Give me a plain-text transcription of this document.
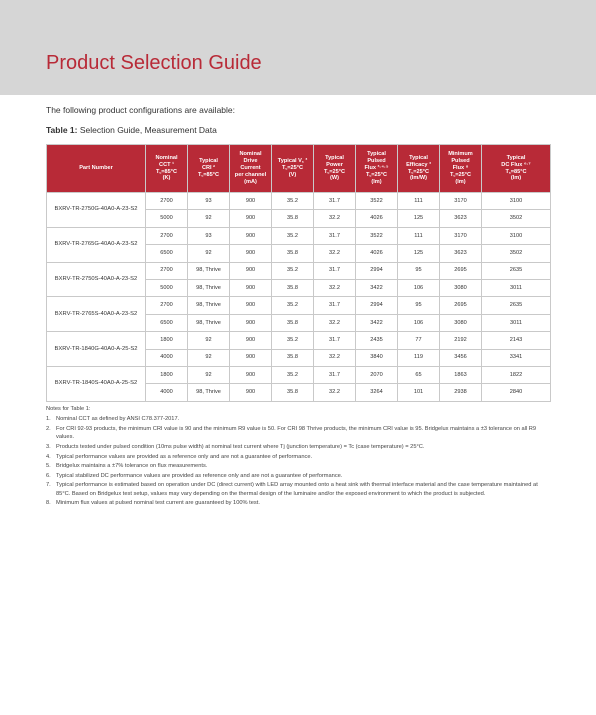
Product Selection Guide
The following product configurations are available:
Table 1: Selection Guide, Measurement Data
Part Number	Nominal
CCT ¹
T꜀=85°C
(K)	Typical
CRI ²
T꜀=85°C	Nominal
Drive
Current
per channel
(mA)	Typical V꜀ ³
T꜀=25°C
(V)	Typical
Power
T꜀=25°C
(W)	Typical
Pulsed
Flux ³·⁴·⁵
T꜀=25°C
(lm)	Typical
Efficacy ³
T꜀=25°C
(lm/W)	Minimum
Pulsed
Flux ⁸
T꜀=25°C
(lm)	Typical
DC Flux ⁶·⁷
T꜀=85°C
(lm)

BXRV-TR-2750G-40A0-A-23-S2	2700	93	900	35.2	31.7	3522	111	3170	3100
	5000	92	900	35.8	32.2	4026	125	3623	3502
BXRV-TR-2765G-40A0-A-23-S2	2700	93	900	35.2	31.7	3522	111	3170	3100
	6500	92	900	35.8	32.2	4026	125	3623	3502
BXRV-TR-2750S-40A0-A-23-S2	2700	98, Thrive	900	35.2	31.7	2994	95	2695	2635
	5000	98, Thrive	900	35.8	32.2	3422	106	3080	3011
BXRV-TR-2765S-40A0-A-23-S2	2700	98, Thrive	900	35.2	31.7	2994	95	2695	2635
	6500	98, Thrive	900	35.8	32.2	3422	106	3080	3011
BXRV-TR-1840G-40A0-A-25-S2	1800	92	900	35.2	31.7	2435	77	2192	2143
	4000	92	900	35.8	32.2	3840	119	3456	3341
BXRV-TR-1840S-40A0-A-25-S2	1800	92	900	35.2	31.7	2070	65	1863	1822
	4000	98, Thrive	900	35.8	32.2	3264	101	2938	2840
Notes for Table 1:
1. Nominal CCT as defined by ANSI C78.377-2017.
2. For CRI 92-93 products, the minimum CRI value is 90 and the minimum R9 value is 50. For CRI 98 Thrive products, the minimum CRI value is 95. Bridgelux maintains a ±3 tolerance on all R9 values.
3. Products tested under pulsed condition (10ms pulse width) at nominal test current where Tj (junction temperature) = Tc (case temperature) = 25°C.
4. Typical performance values are provided as a reference only and are not a guarantee of performance.
5. Bridgelux maintains a ±7% tolerance on flux measurements.
6. Typical stabilized DC performance values are provided as reference only and are not a guarantee of performance.
7. Typical performance is estimated based on operation under DC (direct current) with LED array mounted onto a heat sink with thermal interface material and the case temperature maintained at 85°C. Based on Bridgelux test setup, values may vary depending on the thermal design of the luminaire and/or the exposed environment to which the product is subjected.
8. Minimum flux values at pulsed nominal test current are guaranteed by 100% test.
